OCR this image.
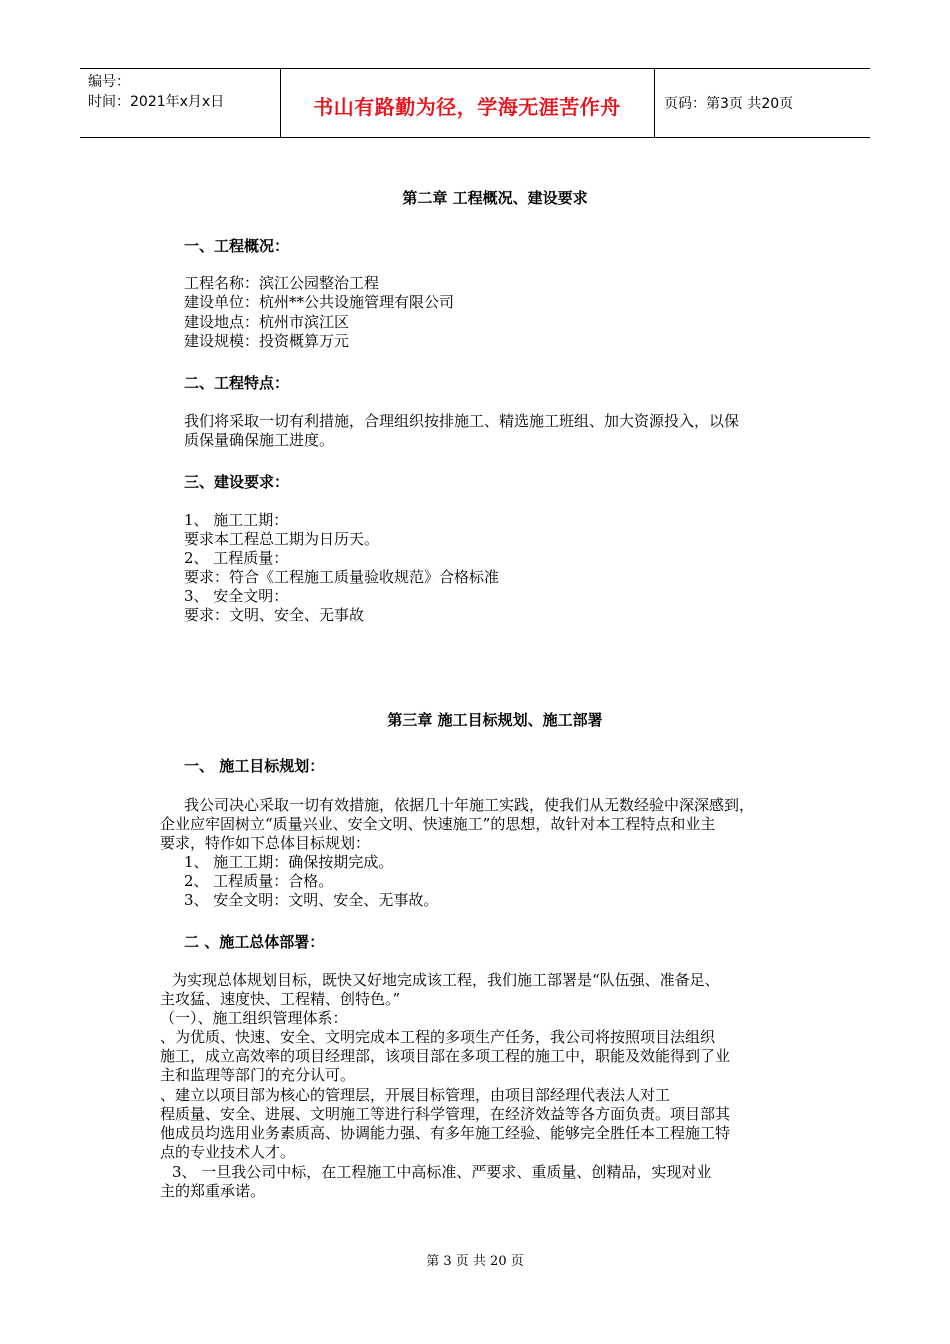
编号：
时间：2021年x月x日	书山有路勤为径，学海无涯苦作舟	页码：第3页 共20页
第二章 工程概况、建设要求
一、工程概况：
工程名称：滨江公园整治工程
建设单位：杭州**公共设施管理有限公司
建设地点：杭州市滨江区
建设规模：投资概算万元
二、工程特点：
我们将采取一切有利措施，合理组织按排施工、精选施工班组、加大资源投入，以保
质保量确保施工进度。
三、建设要求：
1、 施工工期：
要求本工程总工期为日历天。
2、 工程质量：
要求：符合《工程施工质量验收规范》合格标准
3、 安全文明：
要求：文明、安全、无事故
第三章 施工目标规划、施工部署
一、 施工目标规划：
我公司决心采取一切有效措施，依据几十年施工实践，使我们从无数经验中深深感到，
企业应牢固树立“质量兴业、安全文明、快速施工”的思想，故针对本工程特点和业主
要求，特作如下总体目标规划：
1、 施工工期：确保按期完成。
2、 工程质量：合格。
3、 安全文明：文明、安全、无事故。
二 、施工总体部署：
为实现总体规划目标，既快又好地完成该工程，我们施工部署是“队伍强、准备足、
主攻猛、速度快、工程精、创特色。”
（一）、施工组织管理体系：
、为优质、快速、安全、文明完成本工程的多项生产任务，我公司将按照项目法组织
施工，成立高效率的项目经理部，该项目部在多项工程的施工中，职能及效能得到了业
主和监理等部门的充分认可。
、建立以项目部为核心的管理层，开展目标管理，由项目部经理代表法人对工
程质量、安全、进展、文明施工等进行科学管理，在经济效益等各方面负责。项目部其
他成员均选用业务素质高、协调能力强、有多年施工经验、能够完全胜任本工程施工特
点的专业技术人才。
3、 一旦我公司中标，在工程施工中高标准、严要求、重质量、创精品，实现对业
主的郑重承诺。
第 3 页 共 20 页
